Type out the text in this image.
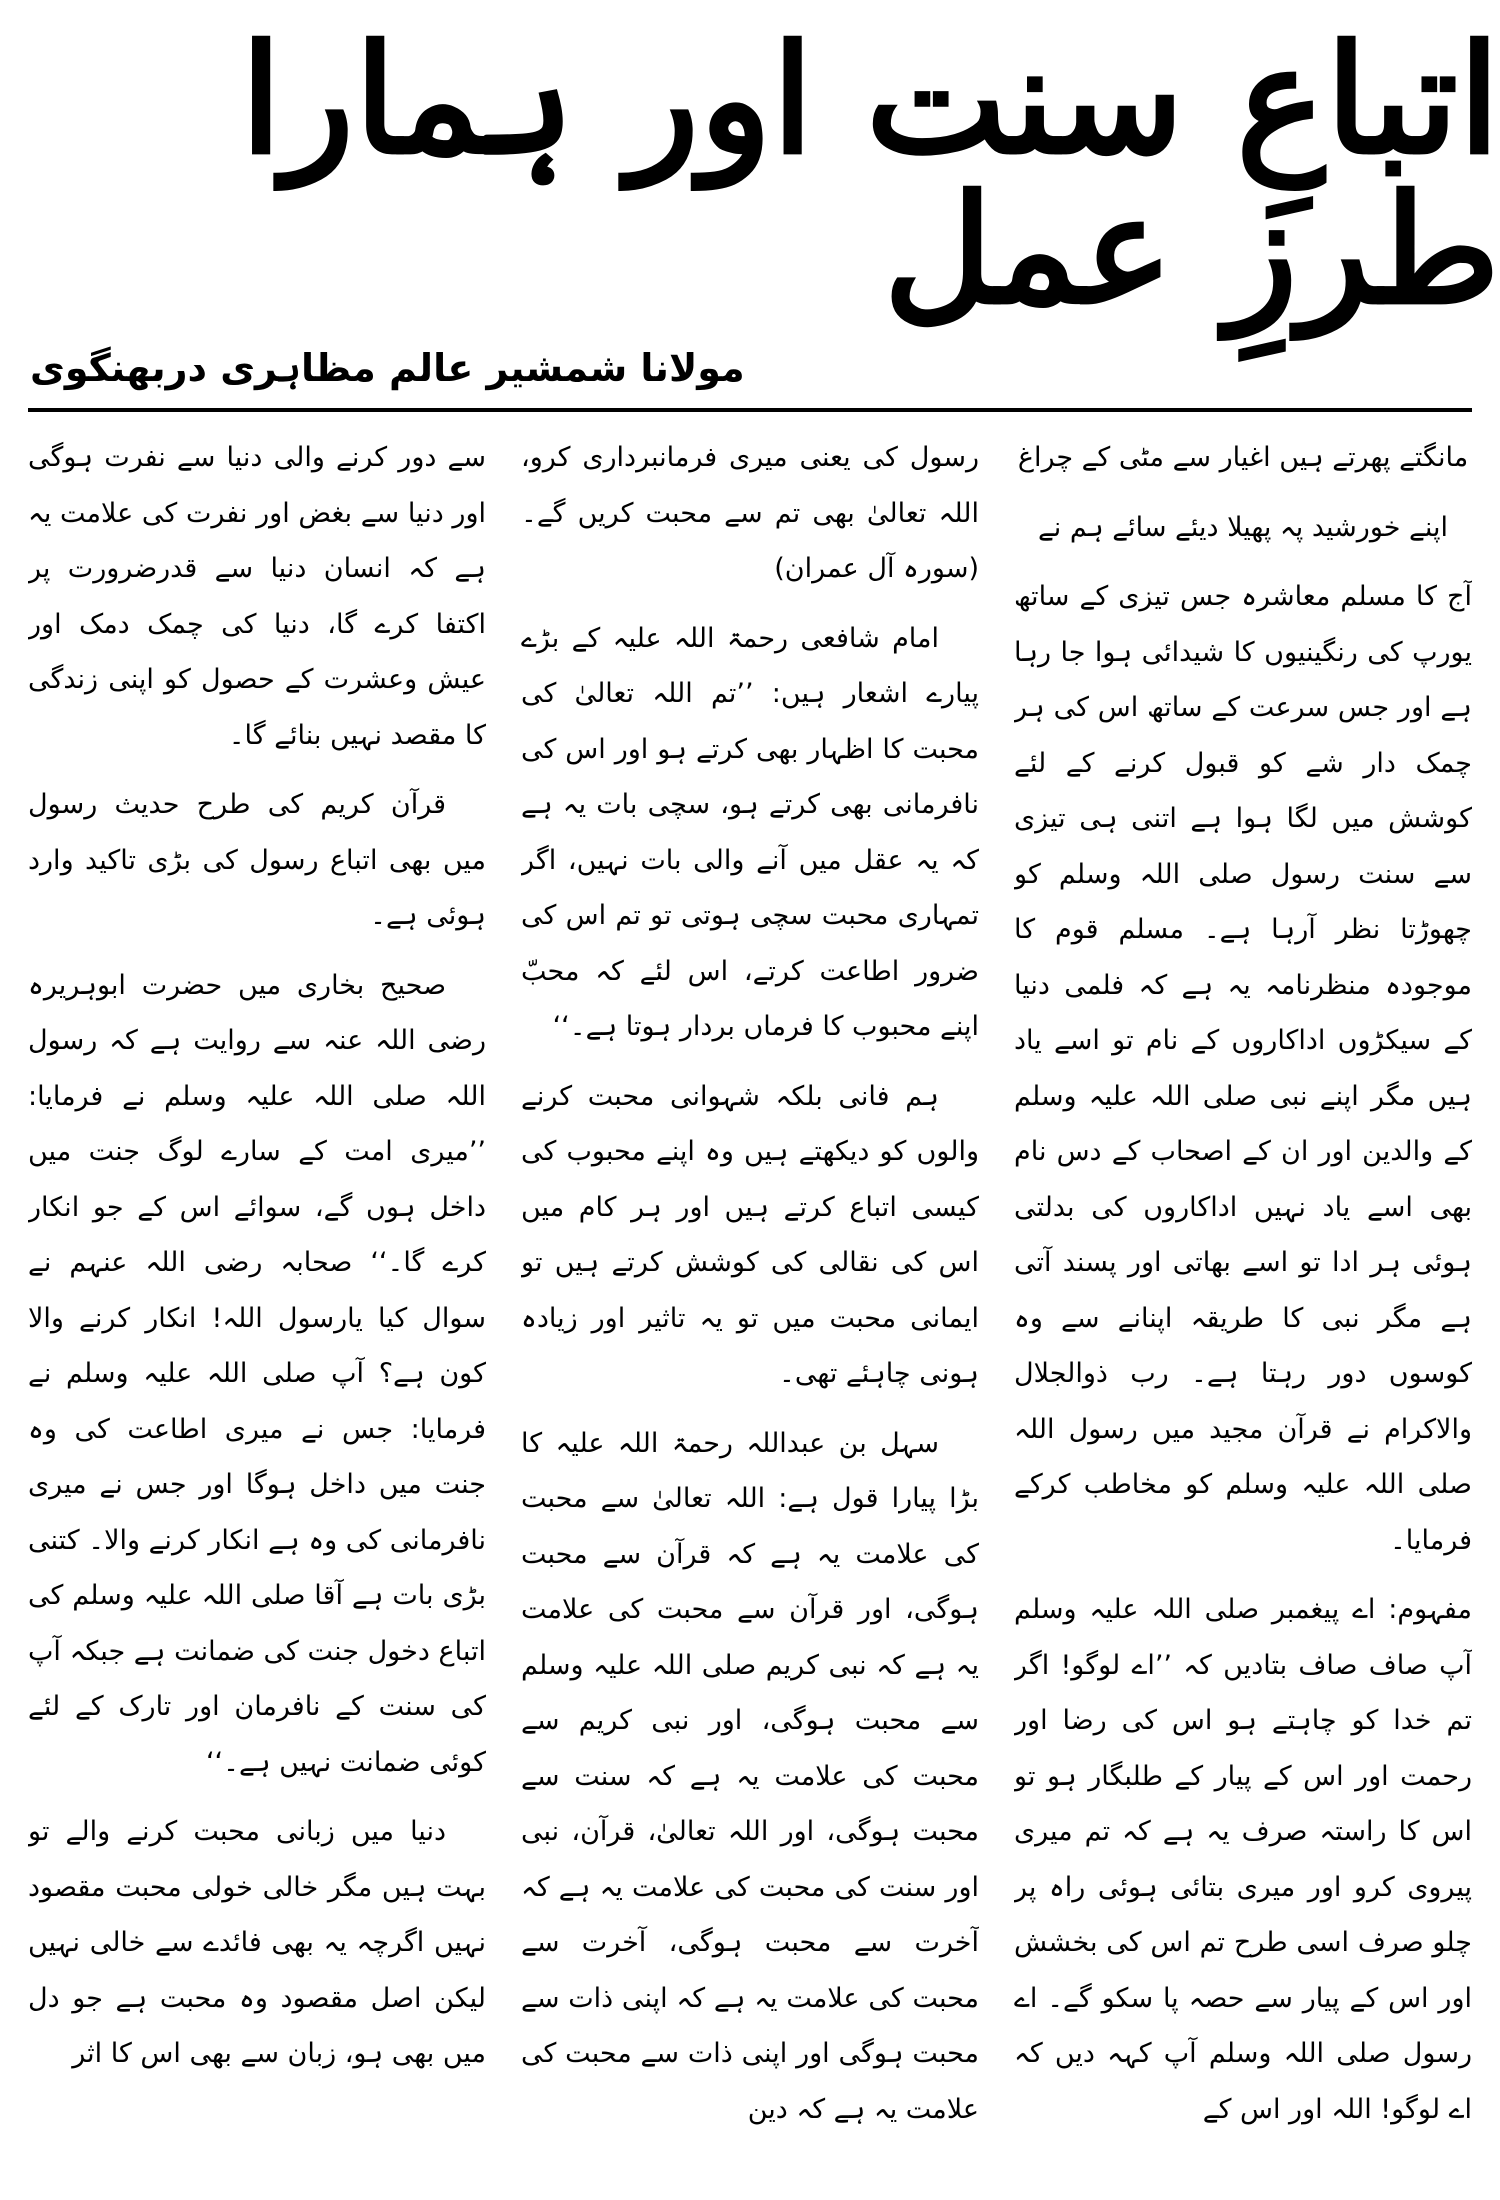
اتباعِ سنت اور ہمارا طرزِ عمل
مولانا شمشیر عالم مظاہری دربھنگوی

مانگتے پھرتے ہیں اغیار سے مٹی کے چراغ

اپنے خورشید پہ پھیلا دیئے سائے ہم نے

آج کا مسلم معاشرہ جس تیزی کے ساتھ یورپ کی رنگینیوں کا شیدائی ہوا جا رہا ہے اور جس سرعت کے ساتھ اس کی ہر چمک دار شے کو قبول کرنے کے لئے کوشش میں لگا ہوا ہے اتنی ہی تیزی سے سنت رسول صلی اللہ وسلم کو چھوڑتا نظر آرہا ہے۔ مسلم قوم کا موجودہ منظرنامہ یہ ہے کہ فلمی دنیا کے سیکڑوں اداکاروں کے نام تو اسے یاد ہیں مگر اپنے نبی صلی اللہ علیہ وسلم کے والدین اور ان کے اصحاب کے دس نام بھی اسے یاد نہیں اداکاروں کی بدلتی ہوئی ہر ادا تو اسے بھاتی اور پسند آتی ہے مگر نبی کا طریقہ اپنانے سے وہ کوسوں دور رہتا ہے۔ رب ذوالجلال والاکرام نے قرآن مجید میں رسول اللہ صلی اللہ علیہ وسلم کو مخاطب کرکے فرمایا۔

مفہوم: اے پیغمبر صلی اللہ علیہ وسلم آپ صاف صاف بتادیں کہ ’’اے لوگو! اگر تم خدا کو چاہتے ہو اس کی رضا اور رحمت اور اس کے پیار کے طلبگار ہو تو اس کا راستہ صرف یہ ہے کہ تم میری پیروی کرو اور میری بتائی ہوئی راہ پر چلو صرف اسی طرح تم اس کی بخشش اور اس کے پیار سے حصہ پا سکو گے۔ اے رسول صلی اللہ وسلم آپ کہہ دیں کہ اے لوگو! اللہ اور اس کے

رسول کی یعنی میری فرمانبرداری کرو، اللہ تعالیٰ بھی تم سے محبت کریں گے۔ (سورہ آل عمران)

امام شافعی رحمۃ اللہ علیہ کے بڑے پیارے اشعار ہیں: ’’تم اللہ تعالیٰ کی محبت کا اظہار بھی کرتے ہو اور اس کی نافرمانی بھی کرتے ہو، سچی بات یہ ہے کہ یہ عقل میں آنے والی بات نہیں، اگر تمہاری محبت سچی ہوتی تو تم اس کی ضرور اطاعت کرتے، اس لئے کہ محبّ اپنے محبوب کا فرماں بردار ہوتا ہے۔‘‘

ہم فانی بلکہ شہوانی محبت کرنے والوں کو دیکھتے ہیں وہ اپنے محبوب کی کیسی اتباع کرتے ہیں اور ہر کام میں اس کی نقالی کی کوشش کرتے ہیں تو ایمانی محبت میں تو یہ تاثیر اور زیادہ ہونی چاہئے تھی۔

سہل بن عبداللہ رحمۃ اللہ علیہ کا بڑا پیارا قول ہے: اللہ تعالیٰ سے محبت کی علامت یہ ہے کہ قرآن سے محبت ہوگی، اور قرآن سے محبت کی علامت یہ ہے کہ نبی کریم صلی اللہ علیہ وسلم سے محبت ہوگی، اور نبی کریم سے محبت کی علامت یہ ہے کہ سنت سے محبت ہوگی، اور اللہ تعالیٰ، قرآن، نبی اور سنت کی محبت کی علامت یہ ہے کہ آخرت سے محبت ہوگی، آخرت سے محبت کی علامت یہ ہے کہ اپنی ذات سے محبت ہوگی اور اپنی ذات سے محبت کی علامت یہ ہے کہ دین

سے دور کرنے والی دنیا سے نفرت ہوگی اور دنیا سے بغض اور نفرت کی علامت یہ ہے کہ انسان دنیا سے قدرضرورت پر اکتفا کرے گا، دنیا کی چمک دمک اور عیش وعشرت کے حصول کو اپنی زندگی کا مقصد نہیں بنائے گا۔

قرآن کریم کی طرح حدیث رسول میں بھی اتباع رسول کی بڑی تاکید وارد ہوئی ہے۔

صحیح بخاری میں حضرت ابوہریرہ رضی اللہ عنہ سے روایت ہے کہ رسول اللہ صلی اللہ علیہ وسلم نے فرمایا: ’’میری امت کے سارے لوگ جنت میں داخل ہوں گے، سوائے اس کے جو انکار کرے گا۔‘‘ صحابہ رضی اللہ عنہم نے سوال کیا یارسول اللہ! انکار کرنے والا کون ہے؟ آپ صلی اللہ علیہ وسلم نے فرمایا: جس نے میری اطاعت کی وہ جنت میں داخل ہوگا اور جس نے میری نافرمانی کی وہ ہے انکار کرنے والا۔ کتنی بڑی بات ہے آقا صلی اللہ علیہ وسلم کی اتباع دخول جنت کی ضمانت ہے جبکہ آپ کی سنت کے نافرمان اور تارک کے لئے کوئی ضمانت نہیں ہے۔‘‘

دنیا میں زبانی محبت کرنے والے تو بہت ہیں مگر خالی خولی محبت مقصود نہیں اگرچہ یہ بھی فائدے سے خالی نہیں لیکن اصل مقصود وہ محبت ہے جو دل میں بھی ہو، زبان سے بھی اس کا اثر
